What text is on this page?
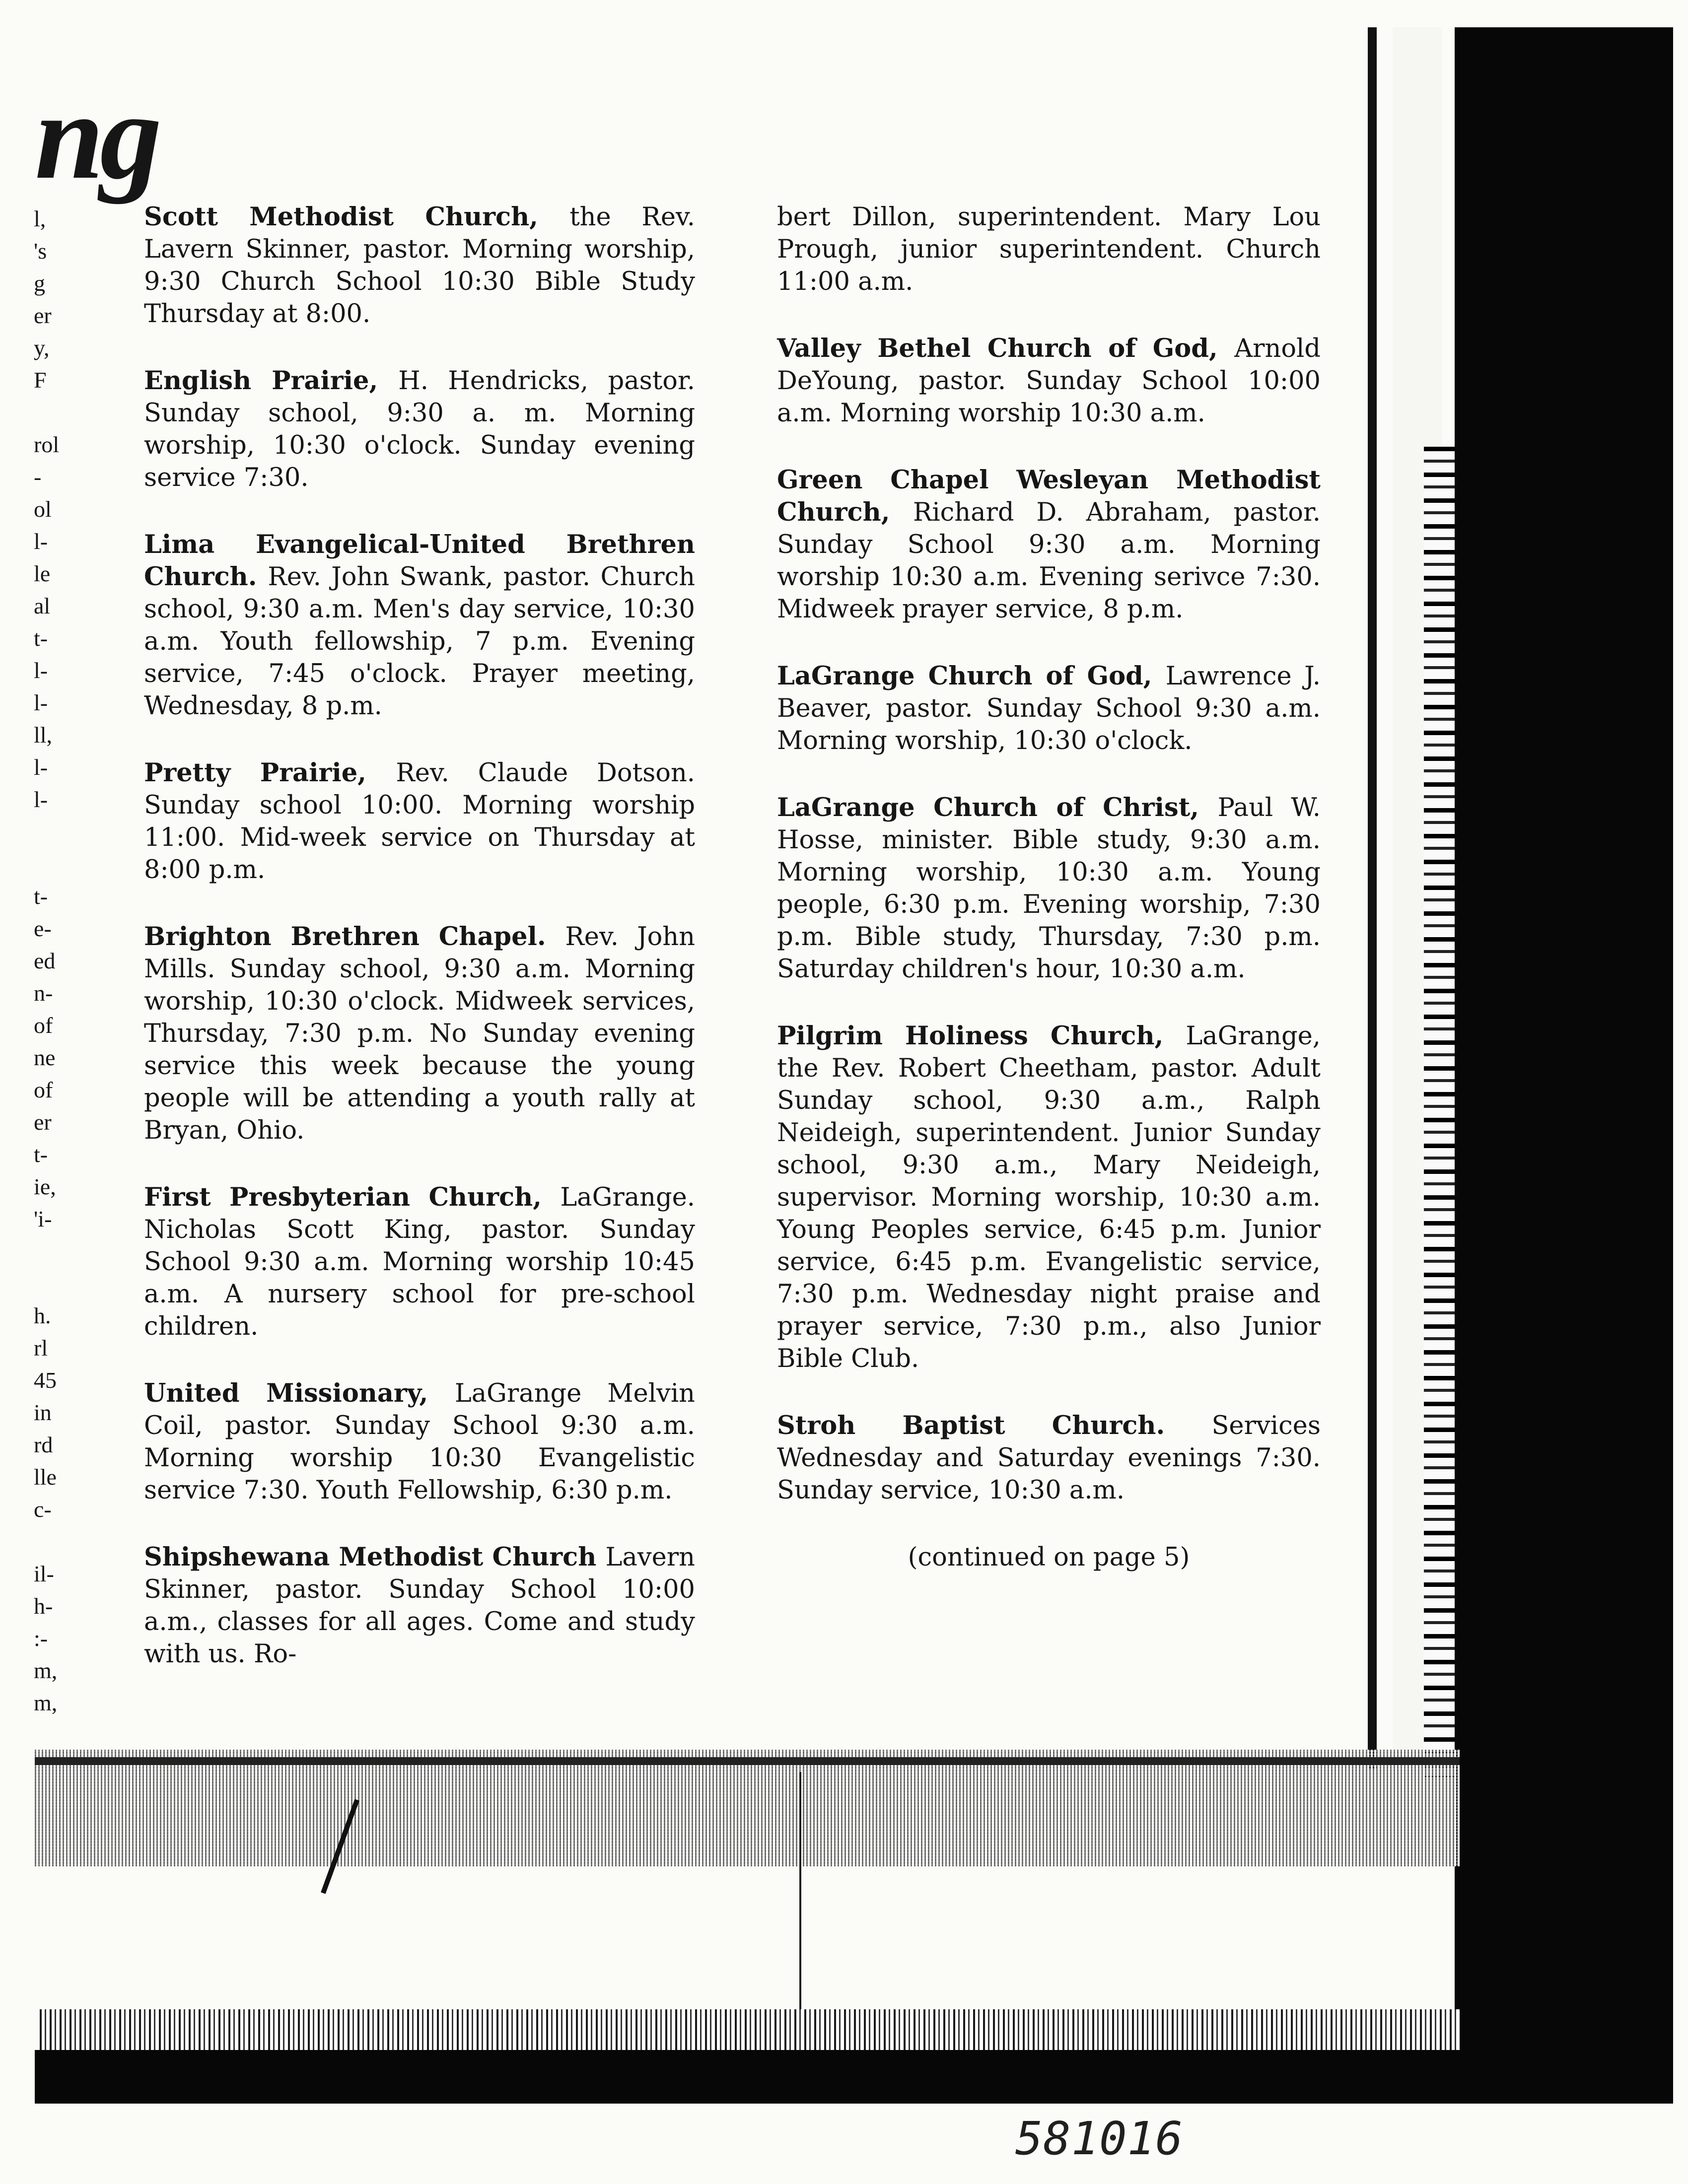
ng
l,
's
g
er
y,
F
rol
-
ol
l-
le
al
t-
l-
l-
ll,
l-
l-
t-
e-
ed
n-
of
ne
of
er
t-
ie,
'i-
h.
rl
45
in
rd
lle
c-
il-
h-
:-
m,
m,
Scott Methodist Church, the Rev. Lavern Skinner, pastor. Morning worship, 9:30 Church School 10:30 Bible Study Thursday at 8:00.
English Prairie, H. Hendricks, pastor. Sunday school, 9:30 a. m. Morning worship, 10:30 o'clock. Sunday evening service 7:30.
Lima Evangelical-United Brethren Church. Rev. John Swank, pastor. Church school, 9:30 a.m. Men's day service, 10:30 a.m. Youth fellowship, 7 p.m. Evening service, 7:45 o'clock. Prayer meeting, Wednesday, 8 p.m.
Pretty Prairie, Rev. Claude Dotson. Sunday school 10:00. Morning worship 11:00. Mid-week service on Thursday at 8:00 p.m.
Brighton Brethren Chapel. Rev. John Mills. Sunday school, 9:30 a.m. Morning worship, 10:30 o'clock. Midweek services, Thursday, 7:30 p.m. No Sunday evening service this week because the young people will be attending a youth rally at Bryan, Ohio.
First Presbyterian Church, LaGrange. Nicholas Scott King, pastor. Sunday School 9:30 a.m. Morning worship 10:45 a.m. A nursery school for pre-school children.
United Missionary, LaGrange Melvin Coil, pastor. Sunday School 9:30 a.m. Morning worship 10:30 Evangelistic service 7:30. Youth Fellowship, 6:30 p.m.
Shipshewana Methodist Church Lavern Skinner, pastor. Sunday School 10:00 a.m., classes for all ages. Come and study with us. Ro-
bert Dillon, superintendent. Mary Lou Prough, junior superintendent. Church 11:00 a.m.
Valley Bethel Church of God, Arnold DeYoung, pastor. Sunday School 10:00 a.m. Morning worship 10:30 a.m.
Green Chapel Wesleyan Methodist Church, Richard D. Abraham, pastor. Sunday School 9:30 a.m. Morning worship 10:30 a.m. Evening serivce 7:30. Midweek prayer service, 8 p.m.
LaGrange Church of God, Lawrence J. Beaver, pastor. Sunday School 9:30 a.m. Morning worship, 10:30 o'clock.
LaGrange Church of Christ, Paul W. Hosse, minister. Bible study, 9:30 a.m. Morning worship, 10:30 a.m. Young people, 6:30 p.m. Evening worship, 7:30 p.m. Bible study, Thursday, 7:30 p.m. Saturday children's hour, 10:30 a.m.
Pilgrim Holiness Church, LaGrange, the Rev. Robert Cheetham, pastor. Adult Sunday school, 9:30 a.m., Ralph Neideigh, superintendent. Junior Sunday school, 9:30 a.m., Mary Neideigh, supervisor. Morning worship, 10:30 a.m. Young Peoples service, 6:45 p.m. Junior service, 6:45 p.m. Evangelistic service, 7:30 p.m. Wednesday night praise and prayer service, 7:30 p.m., also Junior Bible Club.
Stroh Baptist Church. Services Wednesday and Saturday evenings 7:30. Sunday service, 10:30 a.m.
(continued on page 5)
581016
